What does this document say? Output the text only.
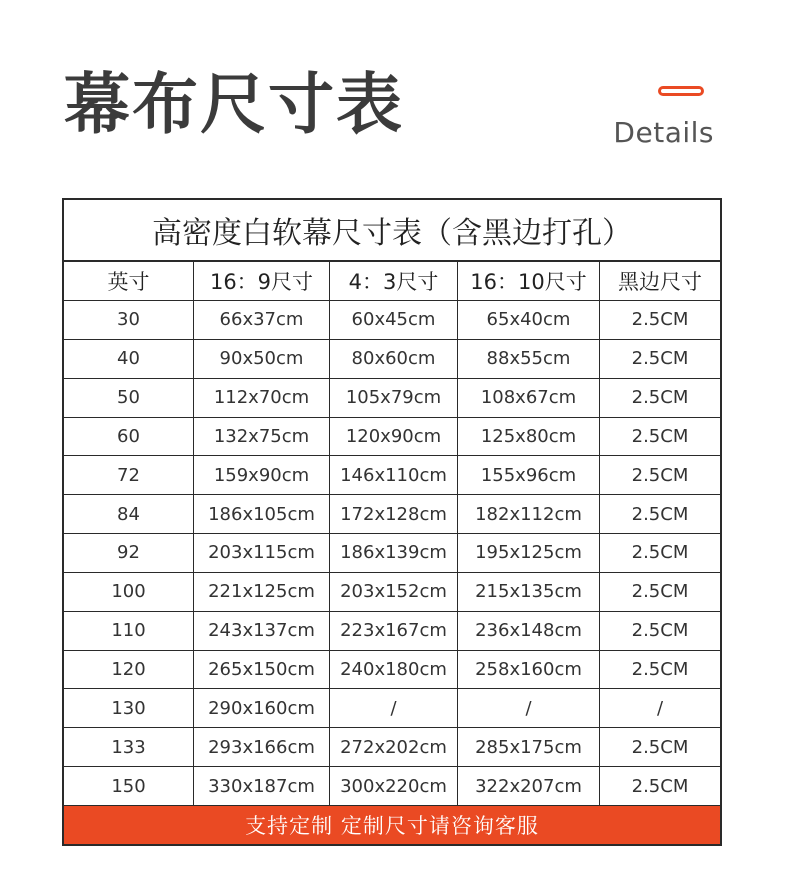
幕布尺寸表	Details
高密度白软幕尺寸表（含黑边打孔）
英寸	16：9尺寸	4：3尺寸	16：10尺寸	黑边尺寸
30	66x37cm	60x45cm	65x40cm	2.5CM
40	90x50cm	80x60cm	88x55cm	2.5CM
50	112x70cm	105x79cm	108x67cm	2.5CM
60	132x75cm	120x90cm	125x80cm	2.5CM
72	159x90cm	146x110cm	155x96cm	2.5CM
84	186x105cm	172x128cm	182x112cm	2.5CM
92	203x115cm	186x139cm	195x125cm	2.5CM
100	221x125cm	203x152cm	215x135cm	2.5CM
110	243x137cm	223x167cm	236x148cm	2.5CM
120	265x150cm	240x180cm	258x160cm	2.5CM
130	290x160cm	/	/	/
133	293x166cm	272x202cm	285x175cm	2.5CM
150	330x187cm	300x220cm	322x207cm	2.5CM
支持定制 定制尺寸请咨询客服
